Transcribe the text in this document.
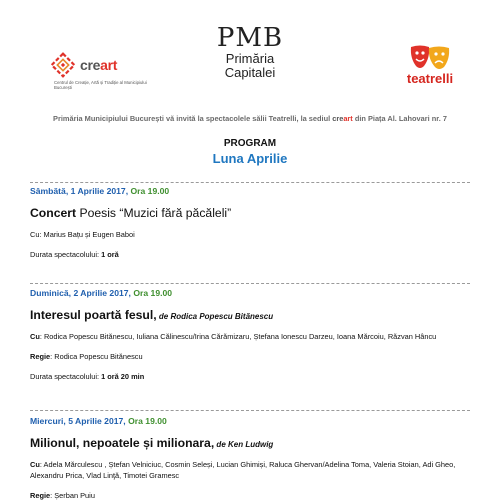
creart
Centrul de Creație, Artă și Tradiție al Municipiului București
PMB
Primăria
Capitalei	teatrelli
Primăria Municipiului București vă invită la spectacolele sălii Teatrelli, la sediul creart din Piața Al. Lahovari nr. 7
PROGRAM
Luna Aprilie
Sâmbătă, 1 Aprilie 2017, Ora 19.00
Concert Poesis “Muzici fără păcăleli”
Cu: Marius Bațu și Eugen Baboi
Durata spectacolului: 1 oră
Duminică, 2 Aprilie 2017, Ora 19.00
Interesul poartă fesul, de Rodica Popescu Bitănescu
Cu: Rodica Popescu Bitănescu, Iuliana Călinescu/Irina Cărămizaru, Ștefana Ionescu Darzeu, Ioana Mărcoiu, Răzvan Hâncu
Regie: Rodica Popescu Bitănescu
Durata spectacolului: 1 oră 20 min
Miercuri, 5 Aprilie 2017, Ora 19.00
Milionul, nepoatele și milionara, de Ken Ludwig
Cu: Adela Mărculescu , Ștefan Velniciuc, Cosmin Seleși, Lucian Ghimiși, Raluca Ghervan/Adelina Toma, Valeria Stoian, Adi Gheo, Alexandru Prica, Vlad Linţă, Timotei Gramesc
Regie: Șerban Puiu
